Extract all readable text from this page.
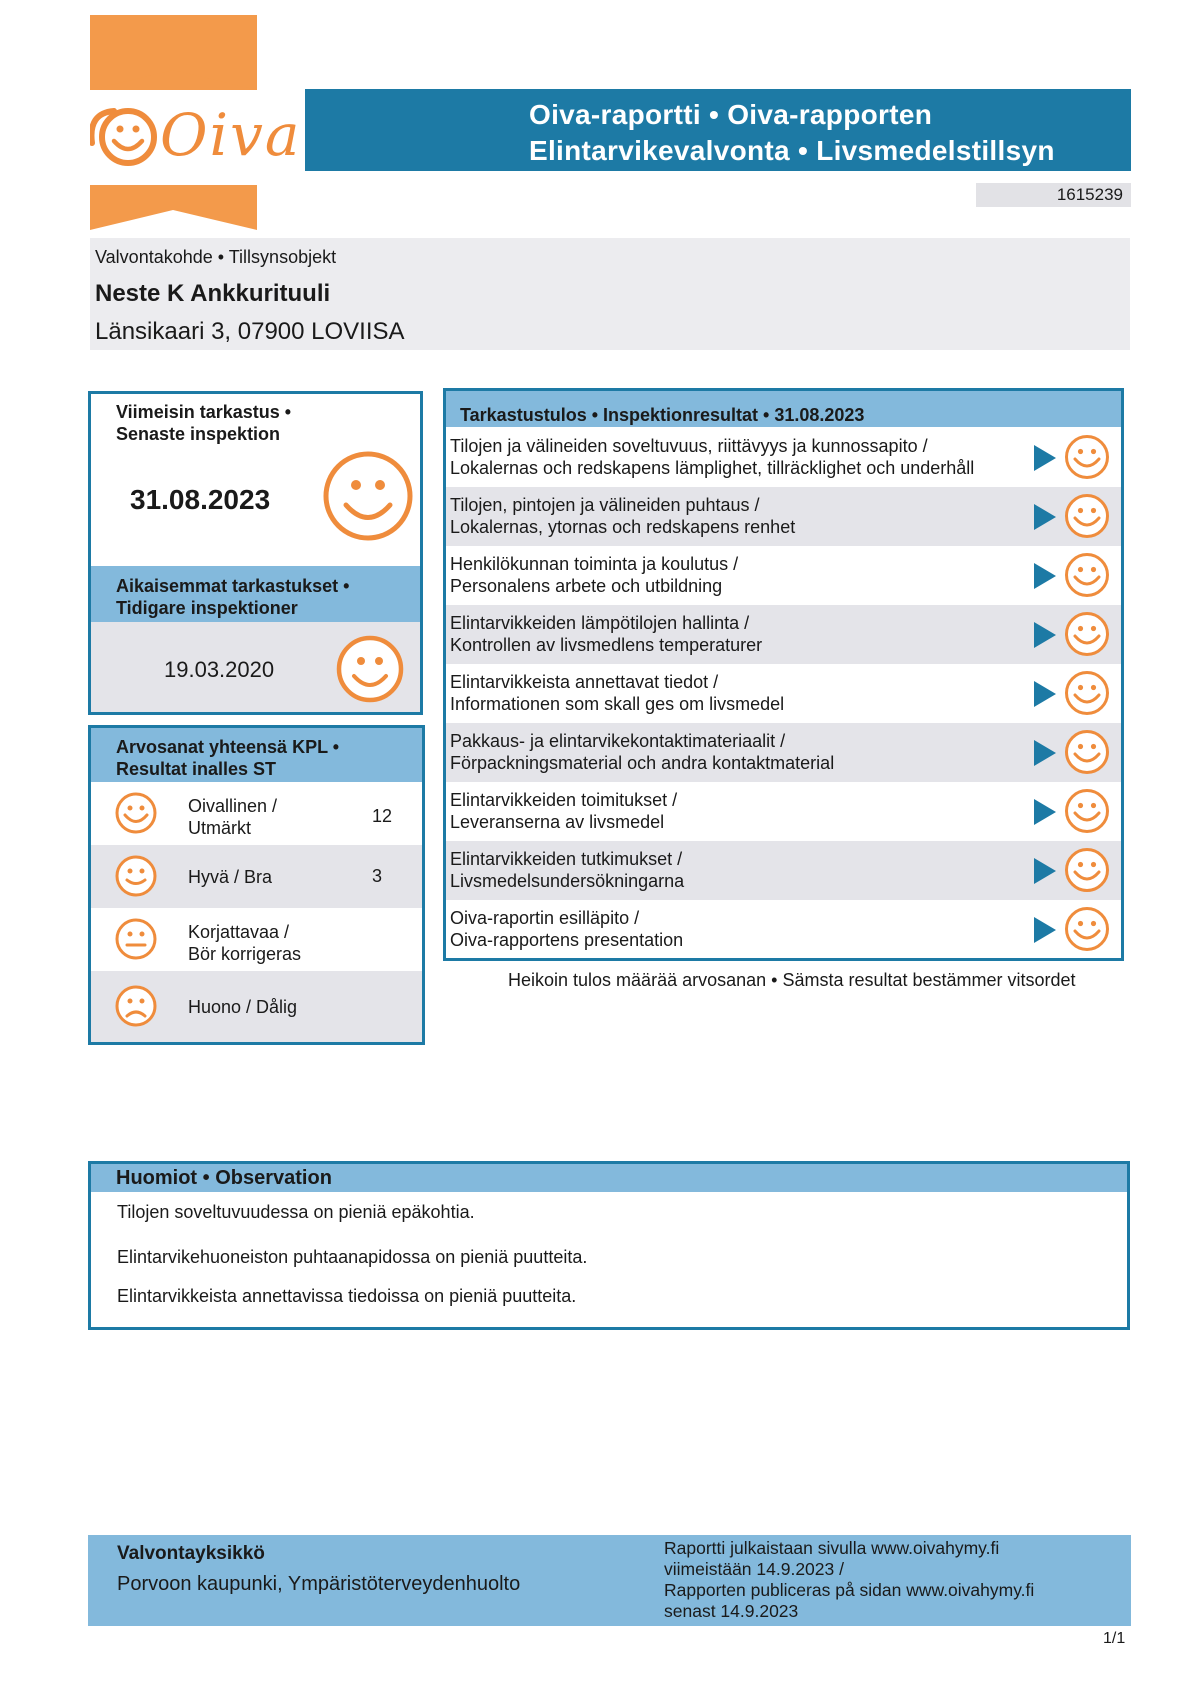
Oiva	Oiva-raportti • Oiva-rapporten
Elintarvikevalvonta • Livsmedelstillsyn
1615239
Valvontakohde • Tillsynsobjekt
Neste K Ankkurituuli
Länsikaari 3, 07900 LOVIISA
Viimeisin tarkastus •
Senaste inspektion
31.08.2023
Aikaisemmat tarkastukset •
Tidigare inspektioner
19.03.2020
Arvosanat yhteensä KPL •
Resultat inalles ST
Oivallinen /
Utmärkt
12
Hyvä / Bra	3
Korjattavaa /
Bör korrigeras
Huono / Dålig
Tarkastustulos • Inspektionresultat • 31.08.2023
Tilojen ja välineiden soveltuvuus, riittävyys ja kunnossapito /
Lokalernas och redskapens lämplighet, tillräcklighet och underhåll
Tilojen, pintojen ja välineiden puhtaus /
Lokalernas, ytornas och redskapens renhet
Henkilökunnan toiminta ja koulutus /
Personalens arbete och utbildning
Elintarvikkeiden lämpötilojen hallinta /
Kontrollen av livsmedlens temperaturer
Elintarvikkeista annettavat tiedot /
Informationen som skall ges om livsmedel
Pakkaus- ja elintarvikekontaktimateriaalit /
Förpackningsmaterial och andra kontaktmaterial
Elintarvikkeiden toimitukset /
Leveranserna av livsmedel
Elintarvikkeiden tutkimukset /
Livsmedelsundersökningarna
Oiva-raportin esilläpito /
Oiva-rapportens presentation
Heikoin tulos määrää arvosanan • Sämsta resultat bestämmer vitsordet
Huomiot • Observation
Tilojen soveltuvuudessa on pieniä epäkohtia.
Elintarvikehuoneiston puhtaanapidossa on pieniä puutteita.
Elintarvikkeista annettavissa tiedoissa on pieniä puutteita.
Valvontayksikkö
Porvoon kaupunki, Ympäristöterveydenhuolto
Raportti julkaistaan sivulla www.oivahymy.fi
viimeistään 14.9.2023 /
Rapporten publiceras på sidan www.oivahymy.fi
senast 14.9.2023
1/1
